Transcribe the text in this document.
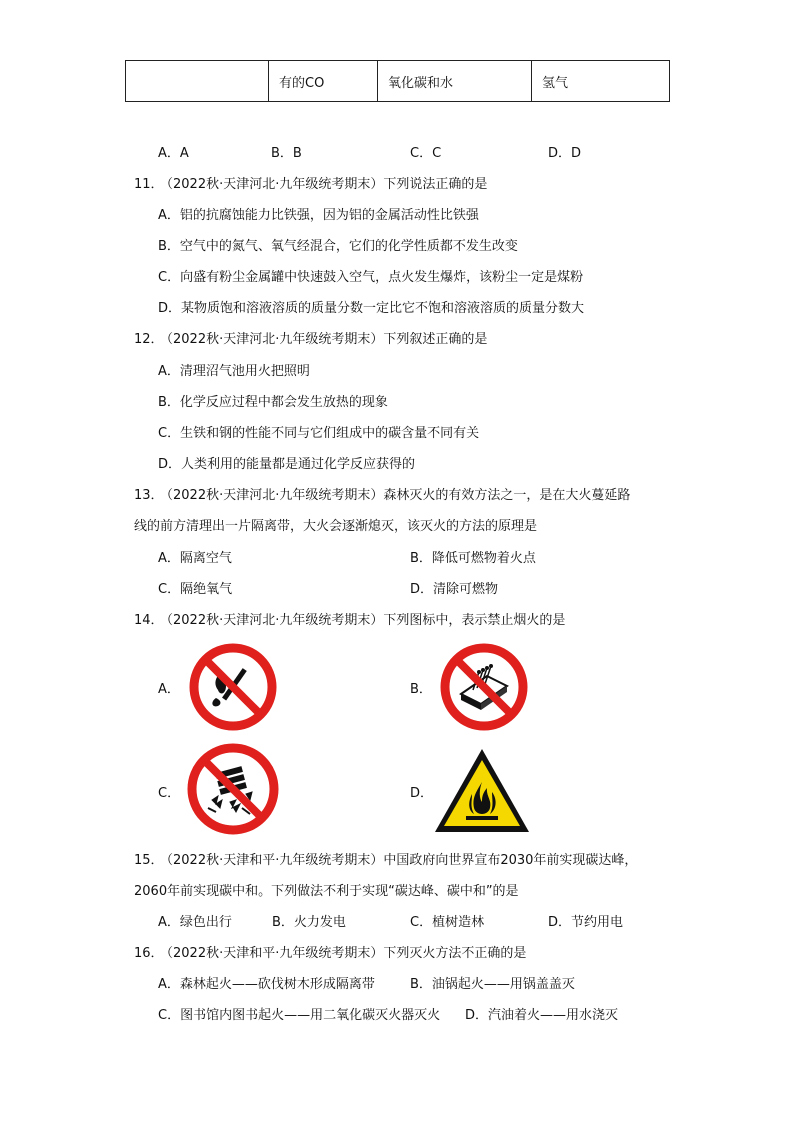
	有的CO	氧化碳和水	氢气
A．A	B．B	C．C	D．D
11．
（2022秋·天津河北·九年级统考期末）下列说法正确的是
A．铝的抗腐蚀能力比铁强，因为铝的金属活动性比铁强
B．空气中的氮气、氧气经混合，它们的化学性质都不发生改变
C．向盛有粉尘金属罐中快速鼓入空气，点火发生爆炸，该粉尘一定是煤粉
D．某物质饱和溶液溶质的质量分数一定比它不饱和溶液溶质的质量分数大
12．
（2022秋·天津河北·九年级统考期末）下列叙述正确的是
A．清理沼气池用火把照明
B．化学反应过程中都会发生放热的现象
C．生铁和钢的性能不同与它们组成中的碳含量不同有关
D．人类利用的能量都是通过化学反应获得的
13．
（2022秋·天津河北·九年级统考期末）森林灭火的有效方法之一，是在大火蔓延路
线的前方清理出一片隔离带，大火会逐渐熄灭，该灭火的方法的原理是
A．隔离空气	B．降低可燃物着火点
C．隔绝氧气	D．清除可燃物
14．
（2022秋·天津河北·九年级统考期末）下列图标中，表示禁止烟火的是
A．	B．
C．	D．
15．
（2022秋·天津和平·九年级统考期末）中国政府向世界宣布2030年前实现碳达峰，
2060年前实现碳中和。下列做法不利于实现“碳达峰、碳中和”的是
A．绿色出行	B．火力发电	C．植树造林	D．节约用电
16．
（2022秋·天津和平·九年级统考期末）下列灭火方法不正确的是
A．森林起火——砍伐树木形成隔离带	B．油锅起火——用锅盖盖灭
C．图书馆内图书起火——用二氧化碳灭火器灭火 D．汽油着火——用水浇灭
